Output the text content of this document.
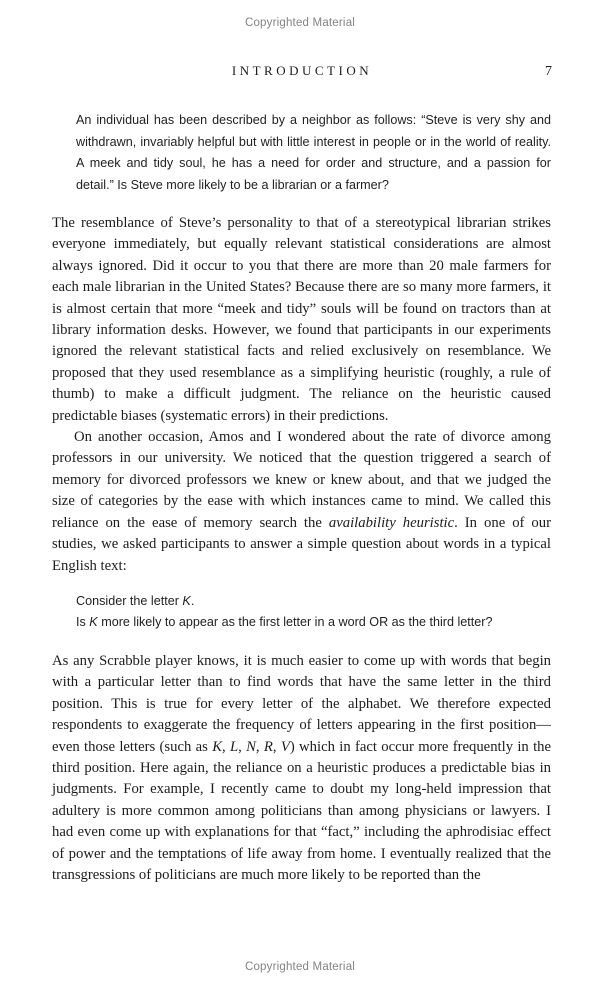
Copyrighted Material
INTRODUCTION	7
An individual has been described by a neighbor as follows: “Steve is very shy and withdrawn, invariably helpful but with little interest in people or in the world of reality. A meek and tidy soul, he has a need for order and structure, and a passion for detail.” Is Steve more likely to be a librarian or a farmer?
The resemblance of Steve’s personality to that of a stereotypical librarian strikes everyone immediately, but equally relevant statistical considerations are almost always ignored. Did it occur to you that there are more than 20 male farmers for each male librarian in the United States? Because there are so many more farmers, it is almost certain that more “meek and tidy” souls will be found on tractors than at library information desks. However, we found that participants in our experiments ignored the relevant statistical facts and relied exclusively on resemblance. We proposed that they used resemblance as a simplifying heuristic (roughly, a rule of thumb) to make a difficult judgment. The reliance on the heuristic caused predictable biases (systematic errors) in their predictions.
On another occasion, Amos and I wondered about the rate of divorce among professors in our university. We noticed that the question triggered a search of memory for divorced professors we knew or knew about, and that we judged the size of categories by the ease with which instances came to mind. We called this reliance on the ease of memory search the availability heuristic. In one of our studies, we asked participants to answer a simple question about words in a typical English text:
Consider the letter K.
Is K more likely to appear as the first letter in a word OR as the third letter?
As any Scrabble player knows, it is much easier to come up with words that begin with a particular letter than to find words that have the same letter in the third position. This is true for every letter of the alphabet. We therefore expected respondents to exaggerate the frequency of letters appearing in the first position—even those letters (such as K, L, N, R, V) which in fact occur more frequently in the third position. Here again, the reliance on a heuristic produces a predictable bias in judgments. For example, I recently came to doubt my long-held impression that adultery is more common among politicians than among physicians or lawyers. I had even come up with explanations for that “fact,” including the aphrodisiac effect of power and the temptations of life away from home. I eventually realized that the transgressions of politicians are much more likely to be reported than the
Copyrighted Material
